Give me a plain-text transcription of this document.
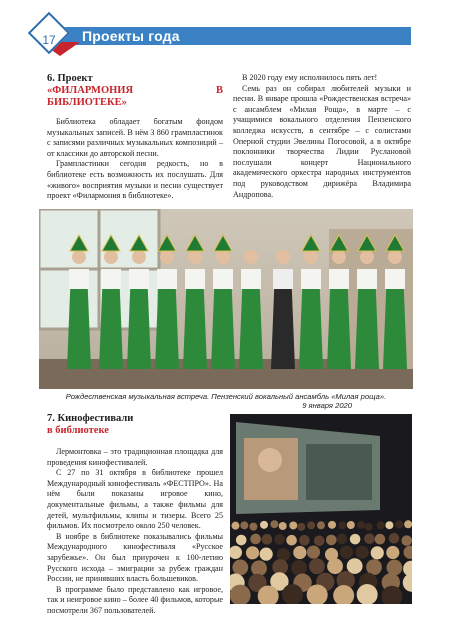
17	Проекты года
6. Проект
«ФИЛАРМОНИЯ В БИБЛИОТЕКЕ»

Библиотека обладает богатым фондом музыкальных записей. В нём 3 860 грампластинок с записями различных музыкальных композиций – от классики до авторской песни.

Грампластинки сегодня редкость, но в библиотеке есть возможность их послушать. Для «живого» восприятия музыки и песни существует проект «Филармония в библиотеке».

В 2020 году ему исполнилось пять лет!

Семь раз он собирал любителей музыки и песни. В январе прошла «Рождественская встреча» с ансамблем «Милая Роща», в марте – с учащимися вокального отделения Пензенского колледжа искусств, в сентябре – с солистами Оперной студии Эвелины Погосовой, а в октябре поклонники творчества Лидии Руслановой послушали концерт Национального академического оркестра народных инструментов под руководством дирижёра Владимира Андропова.

Рождественская музыкальная встреча. Пензенский вокальный ансамбль «Милая роща».
9 января 2020
7. Кинофестивали
в библиотеке

Лермонтовка – это традиционная площадка для проведения кинофестивалей.

С 27 по 31 октября в библиотеке прошел Международный кинофестиваль «ФЕСТПРО». На нём были показаны игровое кино, документальные фильмы, а также фильмы для детей, мультфильмы, клипы и тизеры. Всего 25 фильмов. Их посмотрело около 250 человек.

В ноябре в библиотеке показывались фильмы Международного кинофестиваля «Русское зарубежье». Он был приурочен к 100-летию Русского исхода – эмиграции за рубеж граждан России, не принявших власть большевиков.

В программе было представлено как игровое, так и неигровое кино – более 40 фильмов, которые посмотрели 367 пользователей.
